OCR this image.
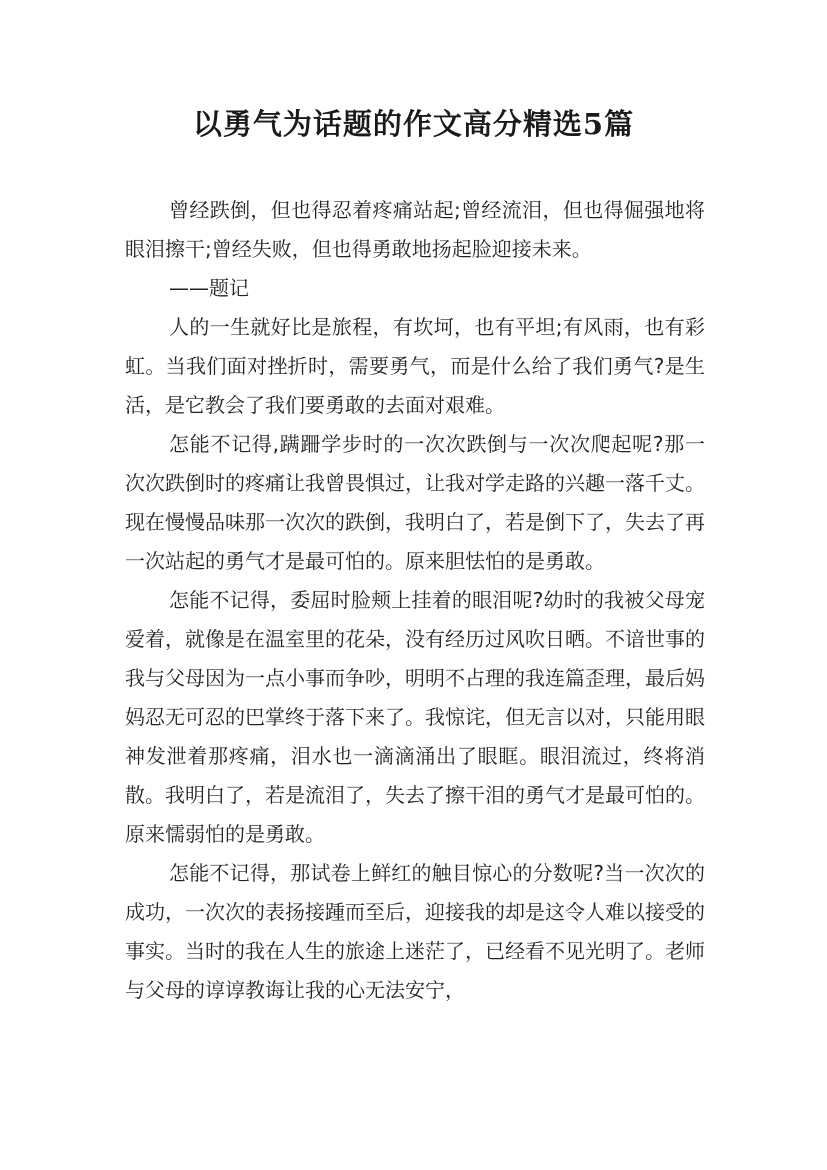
以勇气为话题的作文高分精选5篇

曾经跌倒，但也得忍着疼痛站起;曾经流泪，但也得倔强地将眼泪擦干;曾经失败，但也得勇敢地扬起脸迎接未来。

——题记

人的一生就好比是旅程，有坎坷，也有平坦;有风雨，也有彩虹。当我们面对挫折时，需要勇气，而是什么给了我们勇气?是生活，是它教会了我们要勇敢的去面对艰难。

怎能不记得,蹒跚学步时的一次次跌倒与一次次爬起呢?那一次次跌倒时的疼痛让我曾畏惧过，让我对学走路的兴趣一落千丈。现在慢慢品味那一次次的跌倒，我明白了，若是倒下了，失去了再一次站起的勇气才是最可怕的。原来胆怯怕的是勇敢。

怎能不记得，委屈时脸颊上挂着的眼泪呢?幼时的我被父母宠爱着，就像是在温室里的花朵，没有经历过风吹日晒。不谙世事的我与父母因为一点小事而争吵，明明不占理的我连篇歪理，最后妈妈忍无可忍的巴掌终于落下来了。我惊诧，但无言以对，只能用眼神发泄着那疼痛，泪水也一滴滴涌出了眼眶。眼泪流过，终将消散。我明白了，若是流泪了，失去了擦干泪的勇气才是最可怕的。原来懦弱怕的是勇敢。

怎能不记得，那试卷上鲜红的触目惊心的分数呢?当一次次的成功，一次次的表扬接踵而至后，迎接我的却是这令人难以接受的事实。当时的我在人生的旅途上迷茫了，已经看不见光明了。老师与父母的谆谆教诲让我的心无法安宁，
